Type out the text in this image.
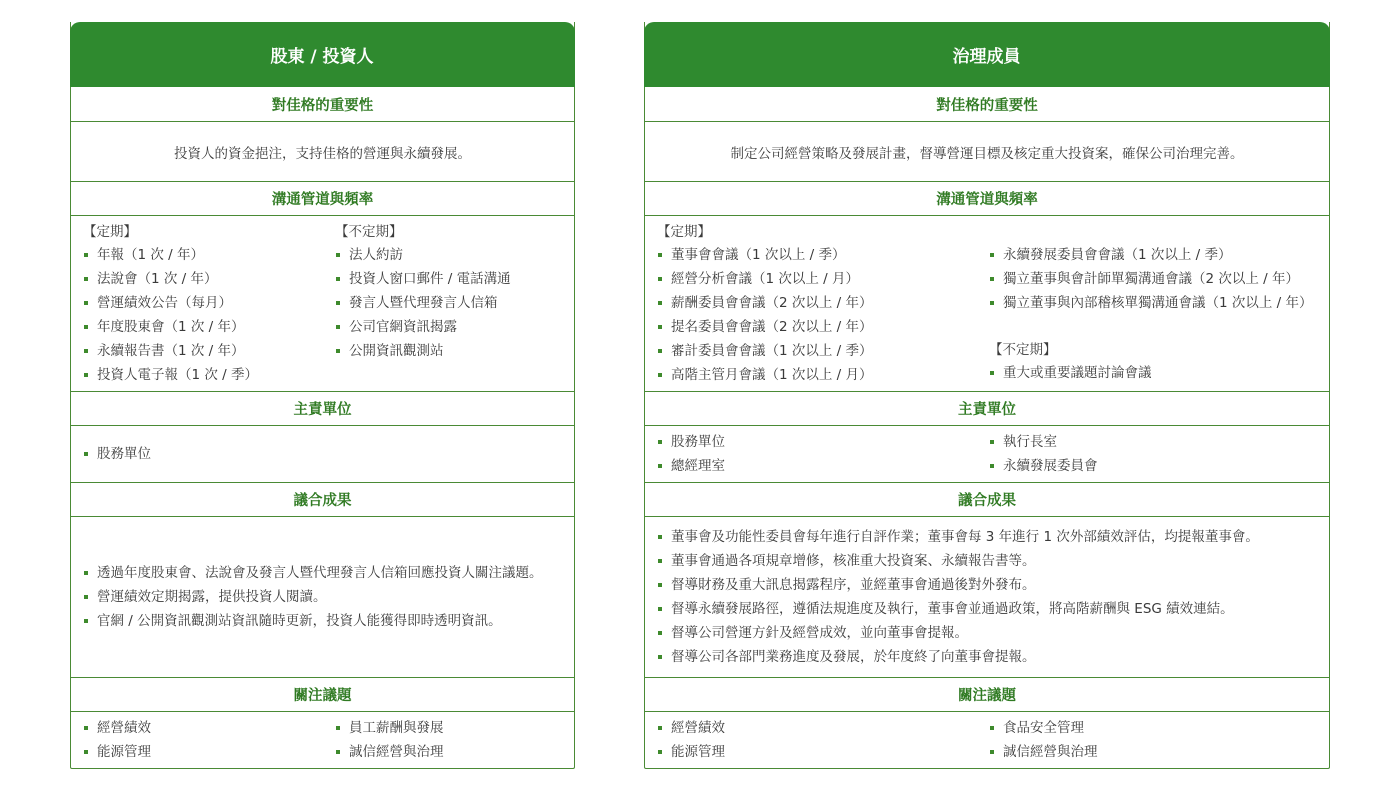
股東 / 投資人
對佳格的重要性
投資人的資金挹注，支持佳格的營運與永續發展。
溝通管道與頻率
【定期】
年報（1 次 / 年）
法說會（1 次 / 年）
營運績效公告（每月）
年度股東會（1 次 / 年）
永續報告書（1 次 / 年）
投資人電子報（1 次 / 季）
【不定期】
法人約訪
投資人窗口郵件 / 電話溝通
發言人暨代理發言人信箱
公司官網資訊揭露
公開資訊觀測站
主責單位
股務單位
議合成果
透過年度股東會、法說會及發言人暨代理發言人信箱回應投資人關注議題。
營運績效定期揭露，提供投資人閱讀。
官網 / 公開資訊觀測站資訊隨時更新，投資人能獲得即時透明資訊。
關注議題
經營績效
能源管理
員工薪酬與發展
誠信經營與治理
治理成員
對佳格的重要性
制定公司經營策略及發展計畫，督導營運目標及核定重大投資案，確保公司治理完善。
溝通管道與頻率
【定期】
董事會會議（1 次以上 / 季）
經營分析會議（1 次以上 / 月）
薪酬委員會會議（2 次以上 / 年）
提名委員會會議（2 次以上 / 年）
審計委員會會議（1 次以上 / 季）
高階主管月會議（1 次以上 / 月）
永續發展委員會會議（1 次以上 / 季）
獨立董事與會計師單獨溝通會議（2 次以上 / 年）
獨立董事與內部稽核單獨溝通會議（1 次以上 / 年）
【不定期】
重大或重要議題討論會議
主責單位
股務單位
總經理室
執行長室
永續發展委員會
議合成果
董事會及功能性委員會每年進行自評作業；董事會每 3 年進行 1 次外部績效評估，均提報董事會。
董事會通過各項規章增修，核准重大投資案、永續報告書等。
督導財務及重大訊息揭露程序，並經董事會通過後對外發布。
督導永續發展路徑，遵循法規進度及執行，董事會並通過政策，將高階薪酬與 ESG 績效連結。
督導公司營運方針及經營成效，並向董事會提報。
督導公司各部門業務進度及發展，於年度終了向董事會提報。
關注議題
經營績效
能源管理
食品安全管理
誠信經營與治理
